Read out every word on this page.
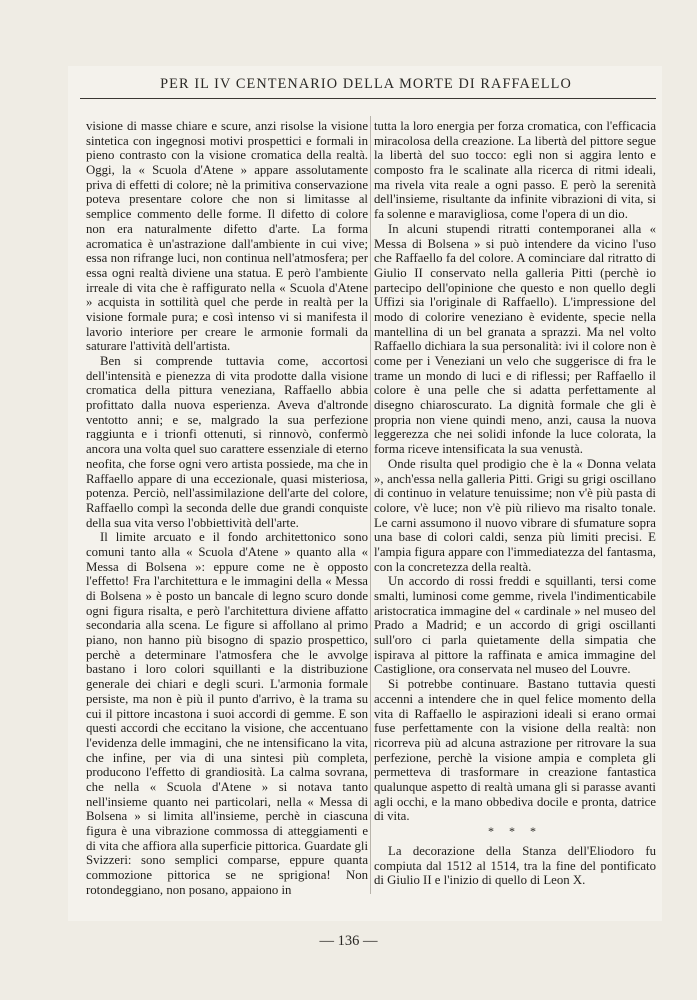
PER IL IV CENTENARIO DELLA MORTE DI RAFFAELLO

visione di masse chiare e scure, anzi risolse la visione sintetica con ingegnosi motivi prospettici e formali in pieno contrasto con la visione cromatica della realtà. Oggi, la « Scuola d'Atene » appare assolutamente priva di effetti di colore; nè la primitiva conservazione poteva presentare colore che non si limitasse al semplice commento delle forme. Il difetto di colore non era naturalmente difetto d'arte. La forma acromatica è un'astrazione dall'ambiente in cui vive; essa non rifrange luci, non continua nell'atmosfera; per essa ogni realtà diviene una statua. E però l'ambiente irreale di vita che è raffigurato nella « Scuola d'Atene » acquista in sottilità quel che perde in realtà per la visione formale pura; e così intenso vi si manifesta il lavorio interiore per creare le armonie formali da saturare l'attività dell'artista.

Ben si comprende tuttavia come, accortosi dell'intensità e pienezza di vita prodotte dalla visione cromatica della pittura veneziana, Raffaello abbia profittato dalla nuova esperienza. Aveva d'altronde ventotto anni; e se, malgrado la sua perfezione raggiunta e i trionfi ottenuti, si rinnovò, confermò ancora una volta quel suo carattere essenziale di eterno neofita, che forse ogni vero artista possiede, ma che in Raffaello appare di una eccezionale, quasi misteriosa, potenza. Perciò, nell'assimilazione dell'arte del colore, Raffaello compì la seconda delle due grandi conquiste della sua vita verso l'obbiettività dell'arte.

Il limite arcuato e il fondo architettonico sono comuni tanto alla « Scuola d'Atene » quanto alla « Messa di Bolsena »: eppure come ne è opposto l'effetto! Fra l'architettura e le immagini della « Messa di Bolsena » è posto un bancale di legno scuro donde ogni figura risalta, e però l'architettura diviene affatto secondaria alla scena. Le figure si affollano al primo piano, non hanno più bisogno di spazio prospettico, perchè a determinare l'atmosfera che le avvolge bastano i loro colori squillanti e la distribuzione generale dei chiari e degli scuri. L'armonia formale persiste, ma non è più il punto d'arrivo, è la trama su cui il pittore incastona i suoi accordi di gemme. E son questi accordi che eccitano la visione, che accentuano l'evidenza delle immagini, che ne intensificano la vita, che infine, per via di una sintesi più completa, producono l'effetto di grandiosità. La calma sovrana, che nella « Scuola d'Atene » si notava tanto nell'insieme quanto nei particolari, nella « Messa di Bolsena » si limita all'insieme, perchè in ciascuna figura è una vibrazione commossa di atteggiamenti e di vita che affiora alla superficie pittorica. Guardate gli Svizzeri: sono semplici comparse, eppure quanta commozione pittorica se ne sprigiona! Non rotondeggiano, non posano, appaiono in

tutta la loro energia per forza cromatica, con l'efficacia miracolosa della creazione. La libertà del pittore segue la libertà del suo tocco: egli non si aggira lento e composto fra le scalinate alla ricerca di ritmi ideali, ma rivela vita reale a ogni passo. E però la serenità dell'insieme, risultante da infinite vibrazioni di vita, si fa solenne e maravigliosa, come l'opera di un dio.

In alcuni stupendi ritratti contemporanei alla « Messa di Bolsena » si può intendere da vicino l'uso che Raffaello fa del colore. A cominciare dal ritratto di Giulio II conservato nella galleria Pitti (perchè io partecipo dell'opinione che questo e non quello degli Uffizi sia l'originale di Raffaello). L'impressione del modo di colorire veneziano è evidente, specie nella mantellina di un bel granata a sprazzi. Ma nel volto Raffaello dichiara la sua personalità: ivi il colore non è come per i Veneziani un velo che suggerisce di fra le trame un mondo di luci e di riflessi; per Raffaello il colore è una pelle che si adatta perfettamente al disegno chiaroscurato. La dignità formale che gli è propria non viene quindi meno, anzi, causa la nuova leggerezza che nei solidi infonde la luce colorata, la forma riceve intensificata la sua venustà.

Onde risulta quel prodigio che è la « Donna velata », anch'essa nella galleria Pitti. Grigi su grigi oscillano di continuo in velature tenuissime; non v'è più pasta di colore, v'è luce; non v'è più rilievo ma risalto tonale. Le carni assumono il nuovo vibrare di sfumature sopra una base di colori caldi, senza più limiti precisi. E l'ampia figura appare con l'immediatezza del fantasma, con la concretezza della realtà.

Un accordo di rossi freddi e squillanti, tersi come smalti, luminosi come gemme, rivela l'indimenticabile aristocratica immagine del « cardinale » nel museo del Prado a Madrid; e un accordo di grigi oscillanti sull'oro ci parla quietamente della simpatia che ispirava al pittore la raffinata e amica immagine del Castiglione, ora conservata nel museo del Louvre.

Si potrebbe continuare. Bastano tuttavia questi accenni a intendere che in quel felice momento della vita di Raffaello le aspirazioni ideali si erano ormai fuse perfettamente con la visione della realtà: non ricorreva più ad alcuna astrazione per ritrovare la sua perfezione, perchè la visione ampia e completa gli permetteva di trasformare in creazione fantastica qualunque aspetto di realtà umana gli si parasse avanti agli occhi, e la mano obbediva docile e pronta, datrice di vita.

* * *

La decorazione della Stanza dell'Eliodoro fu compiuta dal 1512 al 1514, tra la fine del pontificato di Giulio II e l'inizio di quello di Leon X.

— 136 —
